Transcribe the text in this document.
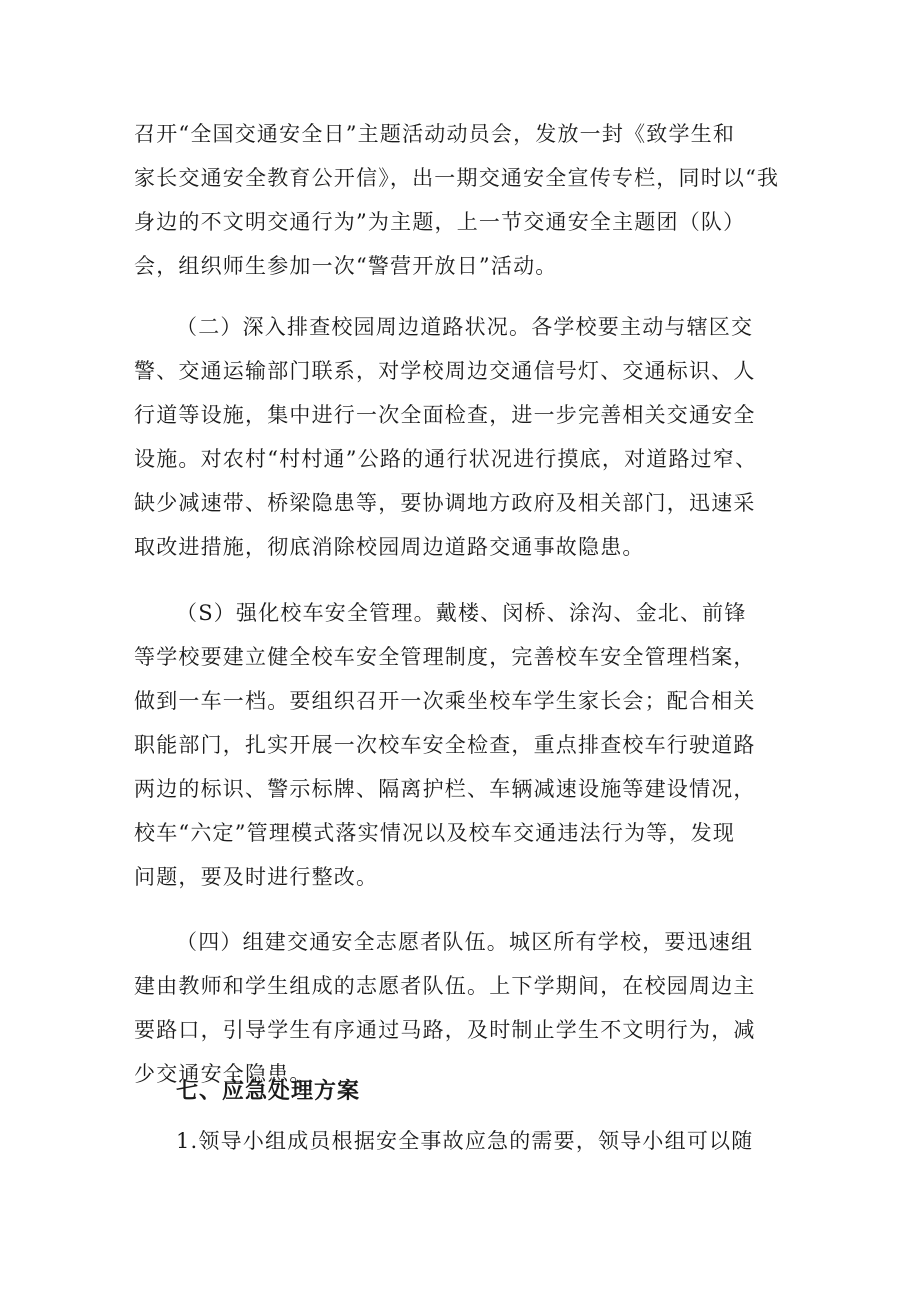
召开“全国交通安全日”主题活动动员会，发放一封《致学生和
家长交通安全教育公开信》，出一期交通安全宣传专栏，同时以“我
身边的不文明交通行为”为主题，上一节交通安全主题团（队）
会，组织师生参加一次“警营开放日”活动。

（二）深入排查校园周边道路状况。各学校要主动与辖区交
警、交通运输部门联系，对学校周边交通信号灯、交通标识、人
行道等设施，集中进行一次全面检查，进一步完善相关交通安全
设施。对农村“村村通”公路的通行状况进行摸底，对道路过窄、
缺少减速带、桥梁隐患等，要协调地方政府及相关部门，迅速采
取改进措施，彻底消除校园周边道路交通事故隐患。

（S）强化校车安全管理。戴楼、闵桥、涂沟、金北、前锋
等学校要建立健全校车安全管理制度，完善校车安全管理档案，
做到一车一档。要组织召开一次乘坐校车学生家长会；配合相关
职能部门，扎实开展一次校车安全检查，重点排查校车行驶道路
两边的标识、警示标牌、隔离护栏、车辆减速设施等建设情况，
校车“六定”管理模式落实情况以及校车交通违法行为等，发现
问题，要及时进行整改。

（四）组建交通安全志愿者队伍。城区所有学校，要迅速组
建由教师和学生组成的志愿者队伍。上下学期间，在校园周边主
要路口，引导学生有序通过马路，及时制止学生不文明行为，减
少交通安全隐患。

七、应急处理方案

1.领导小组成员根据安全事故应急的需要，领导小组可以随
